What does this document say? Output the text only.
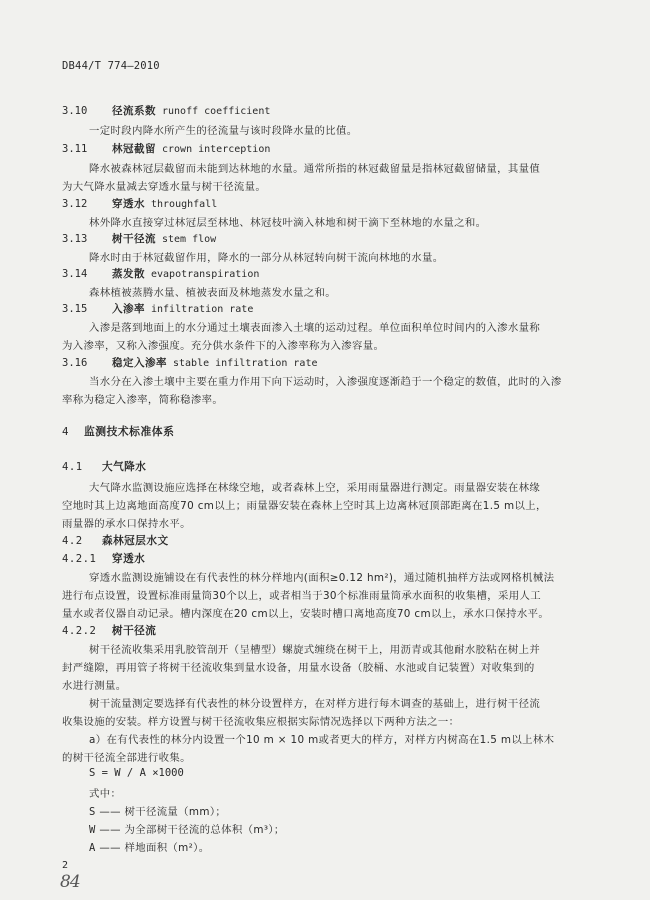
DB44/T 774—2010
3.10 径流系数 runoff coefficient
一定时段内降水所产生的径流量与该时段降水量的比值。
3.11 林冠截留 crown interception
降水被森林冠层截留而未能到达林地的水量。通常所指的林冠截留量是指林冠截留储量，其量值
为大气降水量减去穿透水量与树干径流量。
3.12 穿透水 throughfall
林外降水直接穿过林冠层至林地、林冠枝叶滴入林地和树干滴下至林地的水量之和。
3.13 树干径流 stem flow
降水时由于林冠截留作用，降水的一部分从林冠转向树干流向林地的水量。
3.14 蒸发散 evapotranspiration
森林植被蒸腾水量、植被表面及林地蒸发水量之和。
3.15 入渗率 infiltration rate
入渗是落到地面上的水分通过土壤表面渗入土壤的运动过程。单位面积单位时间内的入渗水量称
为入渗率，又称入渗强度。充分供水条件下的入渗率称为入渗容量。
3.16 稳定入渗率 stable infiltration rate
当水分在入渗土壤中主要在重力作用下向下运动时，入渗强度逐渐趋于一个稳定的数值，此时的入渗
率称为稳定入渗率，简称稳渗率。
4 监测技术标准体系
4.1 大气降水
大气降水监测设施应选择在林缘空地，或者森林上空，采用雨量器进行测定。雨量器安装在林缘
空地时其上边离地面高度70 cm以上；雨量器安装在森林上空时其上边离林冠顶部距离在1.5 m以上，
雨量器的承水口保持水平。
4.2 森林冠层水文
4.2.1 穿透水
穿透水监测设施铺设在有代表性的林分样地内(面积≥0.12 hm²)，通过随机抽样方法或网格机械法
进行布点设置，设置标准雨量筒30个以上，或者相当于30个标准雨量筒承水面积的收集槽，采用人工
量水或者仪器自动记录。槽内深度在20 cm以上，安装时槽口离地高度70 cm以上，承水口保持水平。
4.2.2 树干径流
树干径流收集采用乳胶管剖开（呈槽型）螺旋式缠绕在树干上，用沥青或其他耐水胶粘在树上并
封严缝隙，再用管子将树干径流收集到量水设备，用量水设备（胶桶、水池或自记装置）对收集到的
水进行测量。
树干流量测定要选择有代表性的林分设置样方，在对样方进行每木调查的基础上，进行树干径流
收集设施的安装。样方设置与树干径流收集应根据实际情况选择以下两种方法之一：
a）在有代表性的林分内设置一个10 m × 10 m或者更大的样方，对样方内树高在1.5 m以上林木
的树干径流全部进行收集。
S = W / A ×1000
式中：
S —— 树干径流量（mm）；
W —— 为全部树干径流的总体积（m³）；
A —— 样地面积（m²）。
2
84
